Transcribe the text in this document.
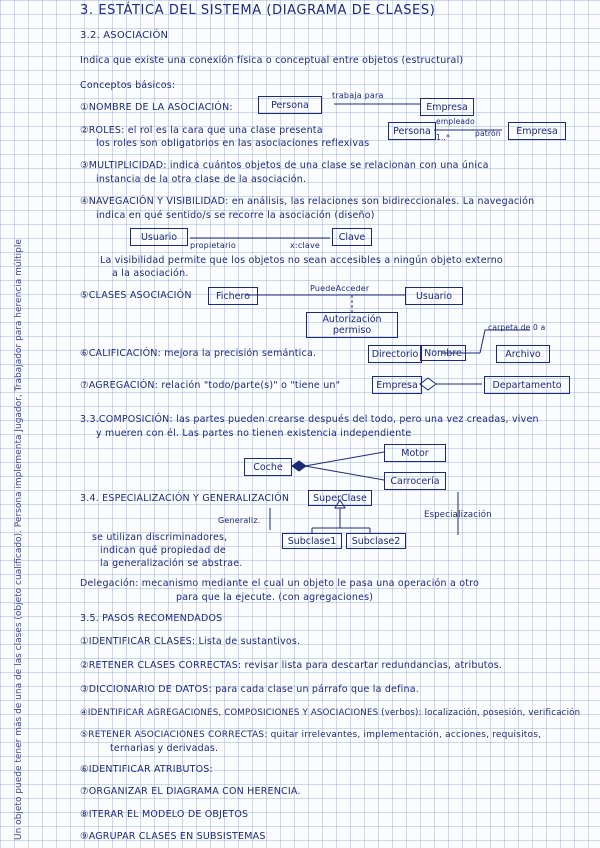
3. ESTÁTICA DEL SISTEMA (DIAGRAMA DE CLASES)
3.2. ASOCIACIÓN
Indica que existe una conexión física o conceptual entre objetos (estructural)
Conceptos básicos:
①NOMBRE DE LA ASOCIACIÓN:	Persona
trabaja para
Empresa
②ROLES: el rol es la cara que una clase presenta
los roles son obligatorios en las asociaciones reflexivas
Persona
empleado
1..*	patrón	Empresa
③MULTIPLICIDAD: indica cuántos objetos de una clase se relacionan con una única
instancia de la otra clase de la asociación.
④NAVEGACIÓN Y VISIBILIDAD: en análisis, las relaciones son bidireccionales. La navegación
indica en qué sentido/s se recorre la asociación (diseño)
Usuario
propietario	x:clave
Clave
La visibilidad permite que los objetos no sean accesibles a ningún objeto externo
a la asociación.
⑤CLASES ASOCIACIÓN	Fichero
PuedeAcceder
Usuario
Autorización
permiso
⑥CALIFICACIÓN: mejora la precisión semántica.	Directorio Nombre
carpeta de 0 a
Archivo
⑦AGREGACIÓN: relación "todo/parte(s)" o "tiene un"	Empresa	Departamento
3.3.COMPOSICIÓN: las partes pueden crearse después del todo, pero una vez creadas, viven
y mueren con él. Las partes no tienen existencia independiente
Coche
Motor
Carrocería
3.4. ESPECIALIZACIÓN Y GENERALIZACIÓN	SuperClase
Generaliz.
Especialización
Subclase1	Subclase2
se utilizan discriminadores,
indican qué propiedad de
la generalización se abstrae.
Delegación: mecanismo mediante el cual un objeto le pasa una operación a otro
para que la ejecute. (con agregaciones)
3.5. PASOS RECOMENDADOS
①IDENTIFICAR CLASES: Lista de sustantivos.
②RETENER CLASES CORRECTAS: revisar lista para descartar redundancias, atributos.
③DICCIONARIO DE DATOS: para cada clase un párrafo que la defina.
④IDENTIFICAR AGREGACIONES, COMPOSICIONES Y ASOCIACIONES (verbos): localización, posesión, verificación
⑤RETENER ASOCIACIONES CORRECTAS: quitar irrelevantes, implementación, acciones, requisitos,
ternarias y derivadas.
⑥IDENTIFICAR ATRIBUTOS:
⑦ORGANIZAR EL DIAGRAMA CON HERENCIA.
⑧ITERAR EL MODELO DE OBJETOS
⑨AGRUPAR CLASES EN SUBSISTEMAS
Un objeto puede tener más de una de las clases (objeto cualificado). Persona implementa Jugador, Trabajador para herencia múltiple
